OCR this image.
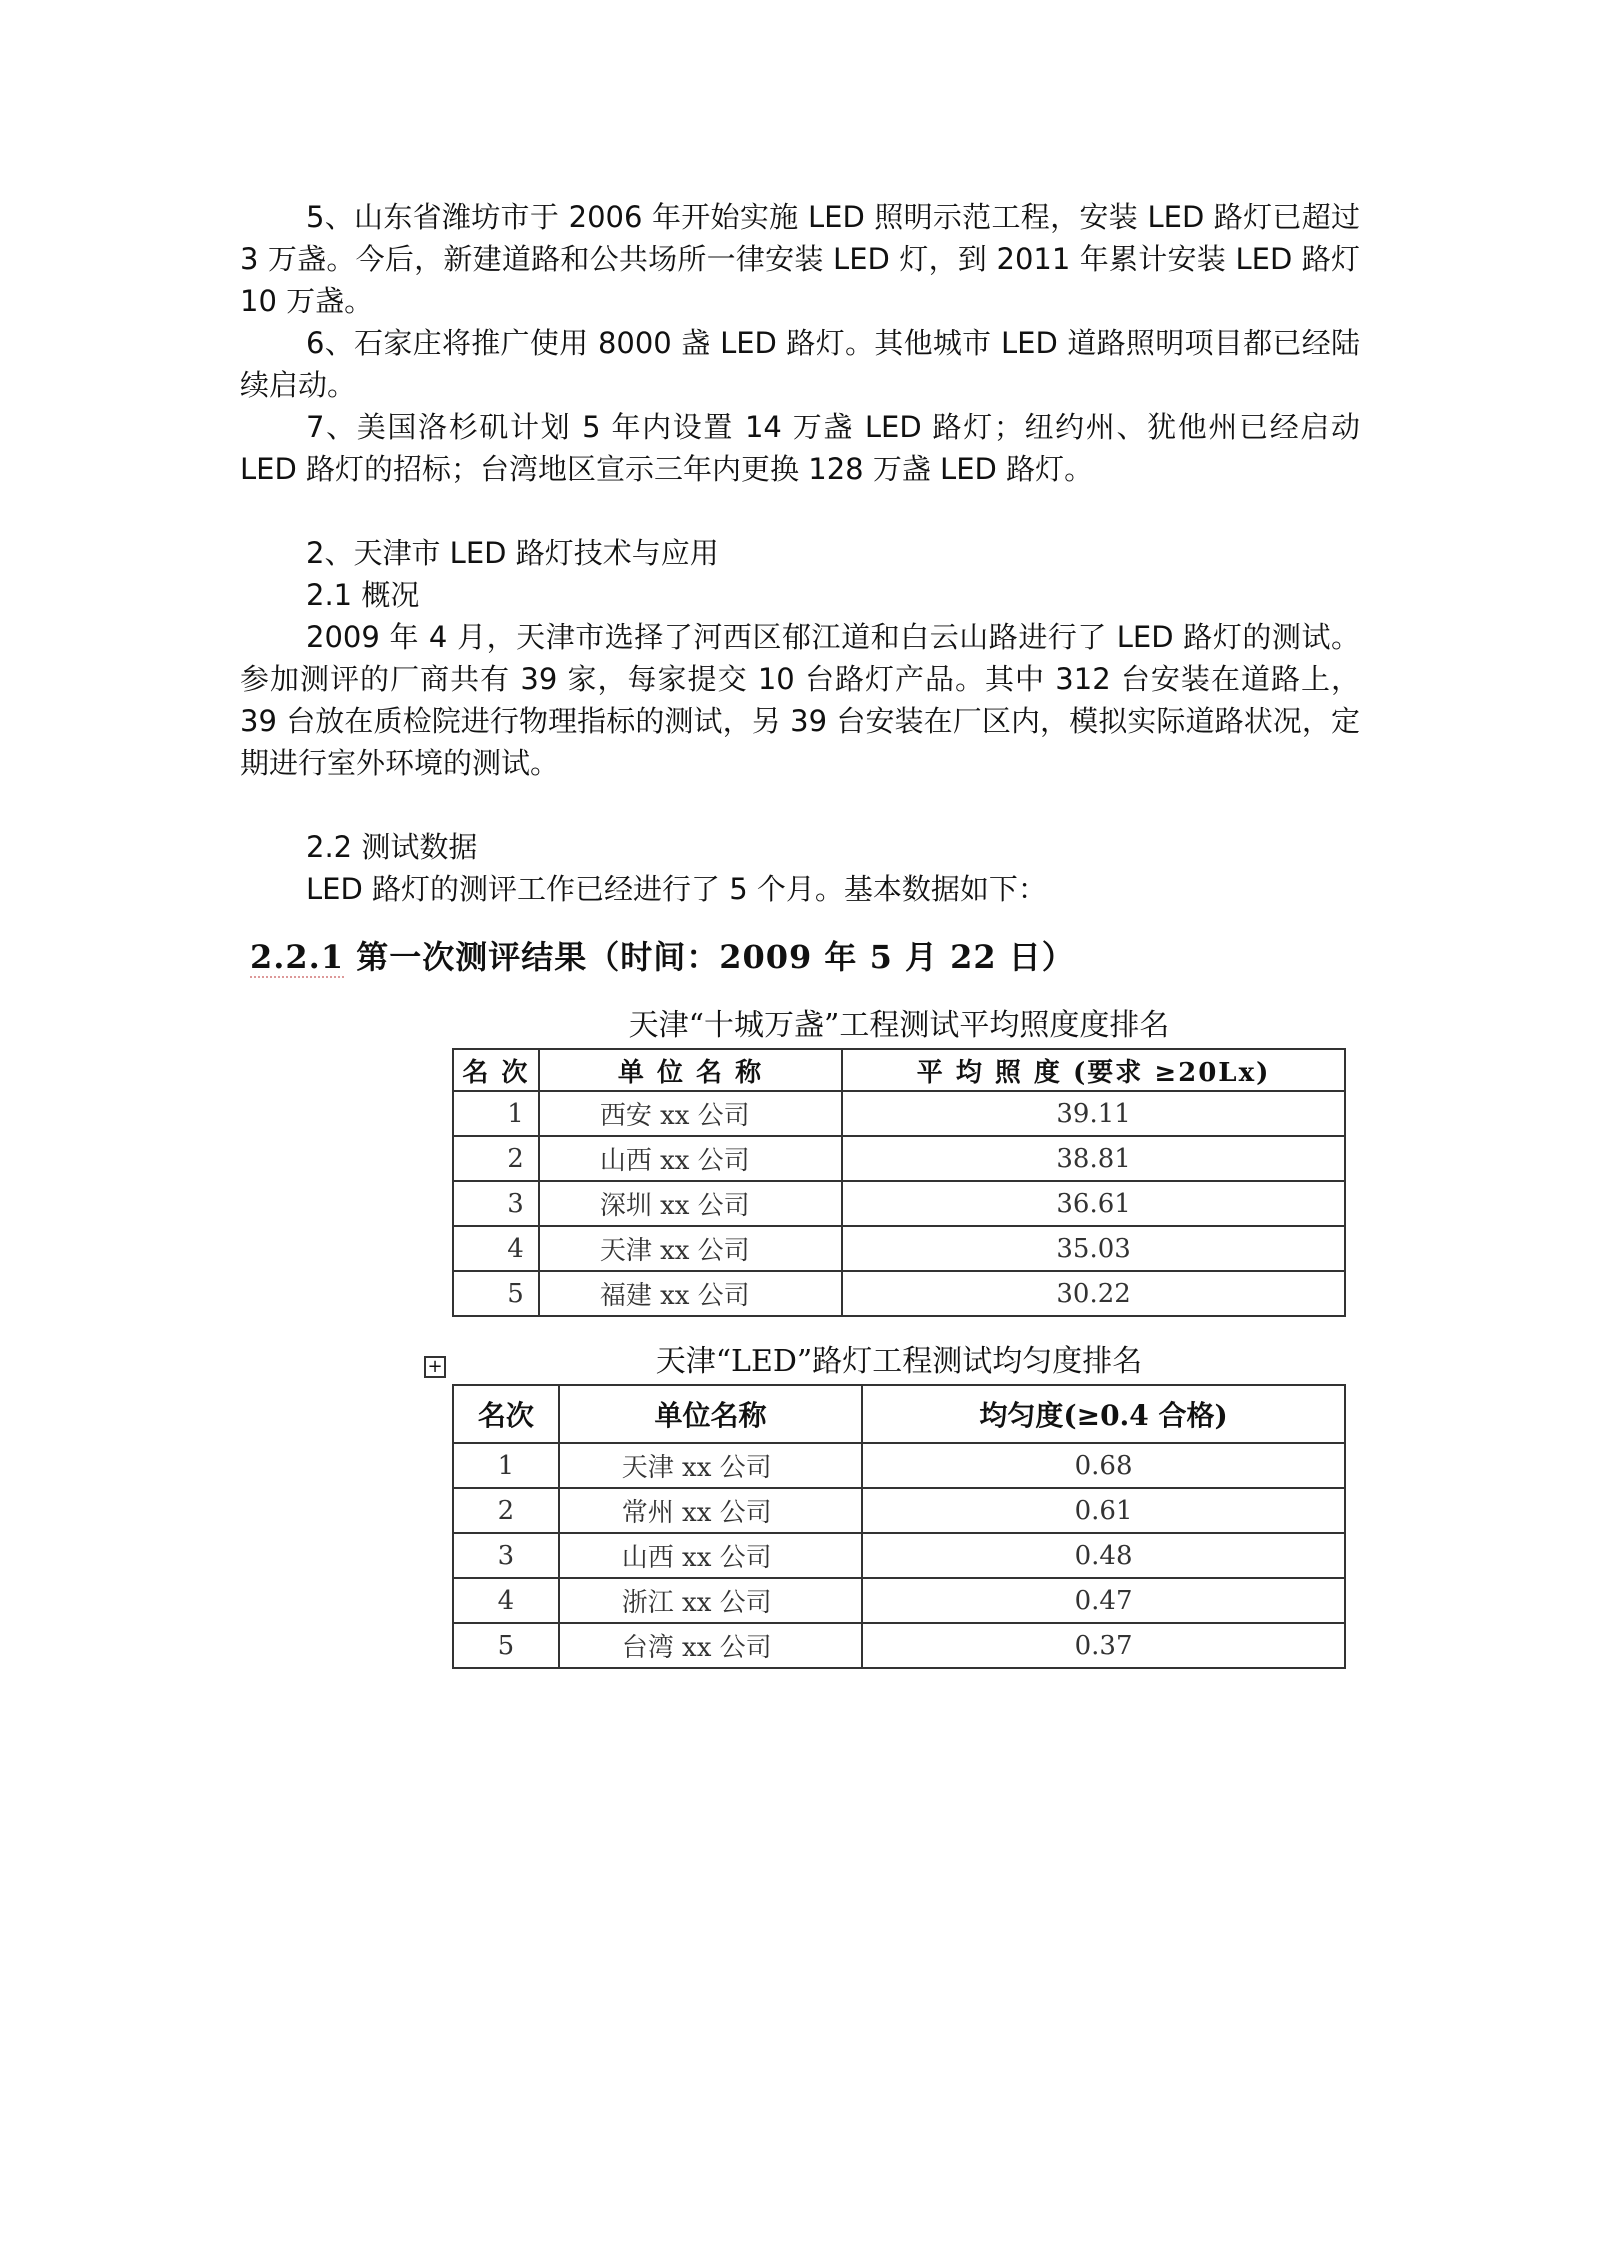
5、山东省潍坊市于 2006 年开始实施 LED 照明示范工程，安装 LED 路灯已超过 3 万盏。今后，新建道路和公共场所一律安装 LED 灯，到 2011 年累计安装 LED 路灯 10 万盏。

6、石家庄将推广使用 8000 盏 LED 路灯。其他城市 LED 道路照明项目都已经陆续启动。

7、美国洛杉矶计划 5 年内设置 14 万盏 LED 路灯；纽约州、犹他州已经启动 LED 路灯的招标；台湾地区宣示三年内更换 128 万盏 LED 路灯。

2、天津市 LED 路灯技术与应用

2.1 概况

2009 年 4 月，天津市选择了河西区郁江道和白云山路进行了 LED 路灯的测试。参加测评的厂商共有 39 家，每家提交 10 台路灯产品。其中 312 台安装在道路上，39 台放在质检院进行物理指标的测试，另 39 台安装在厂区内，模拟实际道路状况，定期进行室外环境的测试。

2.2 测试数据

LED 路灯的测评工作已经进行了 5 个月。基本数据如下：

2.2.1 第一次测评结果（时间：2009 年 5 月 22 日）
天津“十城万盏”工程测试平均照度度排名
名 次	单 位 名 称	平 均 照 度 (要求 ≥20Lx)
1	西安 xx 公司	39.11
2	山西 xx 公司	38.81
3	深圳 xx 公司	36.61
4	天津 xx 公司	35.03
5	福建 xx 公司	30.22
天津“LED”路灯工程测试均匀度排名
+
名次	单位名称	均匀度(≥0.4 合格)
1	天津 xx 公司	0.68
2	常州 xx 公司	0.61
3	山西 xx 公司	0.48
4	浙江 xx 公司	0.47
5	台湾 xx 公司	0.37
